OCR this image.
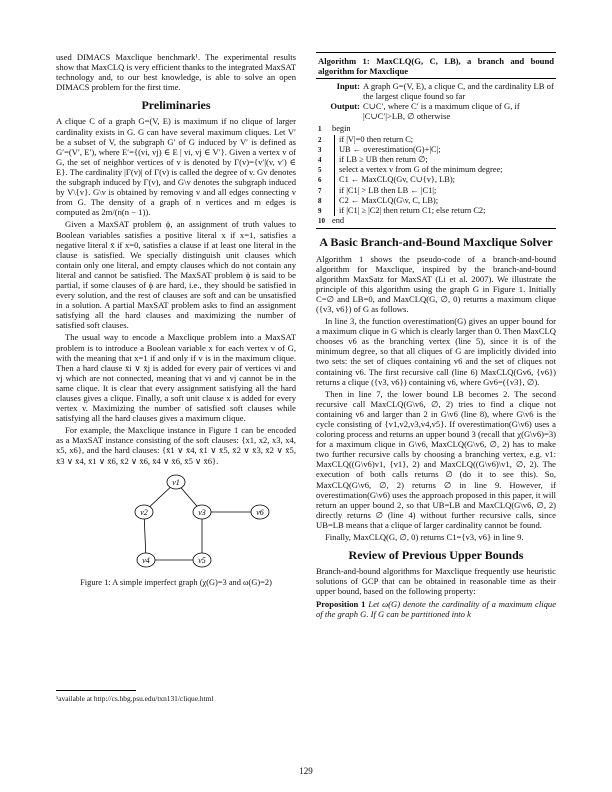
used DIMACS Maxclique benchmark¹. The experimental results show that MaxCLQ is very efficient thanks to the integrated MaxSAT technology and, to our best knowledge, is able to solve an open DIMACS problem for the first time.

Preliminaries

A clique C of a graph G=(V, E) is maximum if no clique of larger cardinality exists in G. G can have several maximum cliques. Let V′ be a subset of V, the subgraph G′ of G induced by V′ is defined as G′=(V′, E′), where E′={(vi, vj) ∈ E | vi, vj ∈ V′}. Given a vertex v of G, the set of neighbor vertices of v is denoted by Γ(v)={v′|(v, v′) ∈ E}. The cardinality |Γ(v)| of Γ(v) is called the degree of v. Gv denotes the subgraph induced by Γ(v), and G\v denotes the subgraph induced by V\{v}. G\v is obtained by removing v and all edges connecting v from G. The density of a graph of n vertices and m edges is computed as 2m/(n(n − 1)).

Given a MaxSAT problem ϕ, an assignment of truth values to Boolean variables satisfies a positive literal x if x=1, satisfies a negative literal x̄ if x=0, satisfies a clause if at least one literal in the clause is satisfied. We specially distinguish unit clauses which contain only one literal, and empty clauses which do not contain any literal and cannot be satisfied. The MaxSAT problem ϕ is said to be partial, if some clauses of ϕ are hard, i.e., they should be satisfied in every solution, and the rest of clauses are soft and can be unsatisfied in a solution. A partial MaxSAT problem asks to find an assignment satisfying all the hard clauses and maximizing the number of satisfied soft clauses.

The usual way to encode a Maxclique problem into a MaxSAT problem is to introduce a Boolean variable x for each vertex v of G, with the meaning that x=1 if and only if v is in the maximum clique. Then a hard clause x̄i ∨ x̄j is added for every pair of vertices vi and vj which are not connected, meaning that vi and vj cannot be in the same clique. It is clear that every assignment satisfying all the hard clauses gives a clique. Finally, a soft unit clause x is added for every vertex v. Maximizing the number of satisfied soft clauses while satisfying all the hard clauses gives a maximum clique.

For example, the Maxclique instance in Figure 1 can be encoded as a MaxSAT instance consisting of the soft clauses: {x1, x2, x3, x4, x5, x6}, and the hard clauses: {x̄1 ∨ x̄4, x̄1 ∨ x̄5, x̄2 ∨ x̄3, x̄2 ∨ x̄5, x̄3 ∨ x̄4, x̄1 ∨ x̄6, x̄2 ∨ x̄6, x̄4 ∨ x̄6, x̄5 ∨ x̄6}.

v1
v2	v3	v6
v4	v5
Figure 1: A simple imperfect graph (χ(G)=3 and ω(G)=2)
¹available at http://cs.hbg.psu.edu/txn131/clique.html
Algorithm 1: MaxCLQ(G, C, LB), a branch and bound algorithm for Maxclique
Input: A graph G=(V, E), a clique C, and the cardinality LB of the largest clique found so far
Output: C∪C′, where C′ is a maximum clique of G, if |C∪C′|>LB, ∅ otherwise
1	begin
2	if |V|=0 then return C;
3	UB ← overestimation(G)+|C|;
4	if LB ≥ UB then return ∅;
5	select a vertex v from G of the minimum degree;
6	C1 ← MaxCLQ(Gv, C∪{v}, LB);
7	if |C1| > LB then LB ← |C1|;
8	C2 ← MaxCLQ(G\v, C, LB);
9	if |C1| ≥ |C2| then return C1; else return C2;
10 end
A Basic Branch-and-Bound Maxclique Solver

Algorithm 1 shows the pseudo-code of a branch-and-bound algorithm for Maxclique, inspired by the branch-and-bound algorithm MaxSatz for MaxSAT (Li et al. 2007). We illustrate the principle of this algorithm using the graph G in Figure 1. Initially C=∅ and LB=0, and MaxCLQ(G, ∅, 0) returns a maximum clique ({v3, v6}) of G as follows.

In line 3, the function overestimation(G) gives an upper bound for a maximum clique in G which is clearly larger than 0. Then MaxCLQ chooses v6 as the branching vertex (line 5), since it is of the minimum degree, so that all cliques of G are implicitly divided into two sets: the set of cliques containing v6 and the set of cliques not containing v6. The first recursive call (line 6) MaxCLQ(Gv6, {v6}) returns a clique ({v3, v6}) containing v6, where Gv6=({v3}, ∅).

Then in line 7, the lower bound LB becomes 2. The second recursive call MaxCLQ(G\v6, ∅, 2) tries to find a clique not containing v6 and larger than 2 in G\v6 (line 8), where G\v6 is the cycle consisting of {v1,v2,v3,v4,v5}. If overestimation(G\v6) uses a coloring process and returns an upper bound 3 (recall that χ(G\v6)=3) for a maximum clique in G\v6, MaxCLQ(G\v6, ∅, 2) has to make two further recursive calls by choosing a branching vertex, e.g. v1: MaxCLQ((G\v6)v1, {v1}, 2) and MaxCLQ((G\v6)\v1, ∅, 2). The execution of both calls returns ∅ (do it to see this). So, MaxCLQ(G\v6, ∅, 2) returns ∅ in line 9. However, if overestimation(G\v6) uses the approach proposed in this paper, it will return an upper bound 2, so that UB=LB and MaxCLQ(G\v6, ∅, 2) directly returns ∅ (line 4) without further recursive calls, since UB=LB means that a clique of larger cardinality cannot be found.

Finally, MaxCLQ(G, ∅, 0) returns C1={v3, v6} in line 9.

Review of Previous Upper Bounds

Branch-and-bound algorithms for Maxclique frequently use heuristic solutions of GCP that can be obtained in reasonable time as their upper bound, based on the following property:

Proposition 1 Let ω(G) denote the cardinality of a maximum clique of the graph G. If G can be partitioned into k

129
